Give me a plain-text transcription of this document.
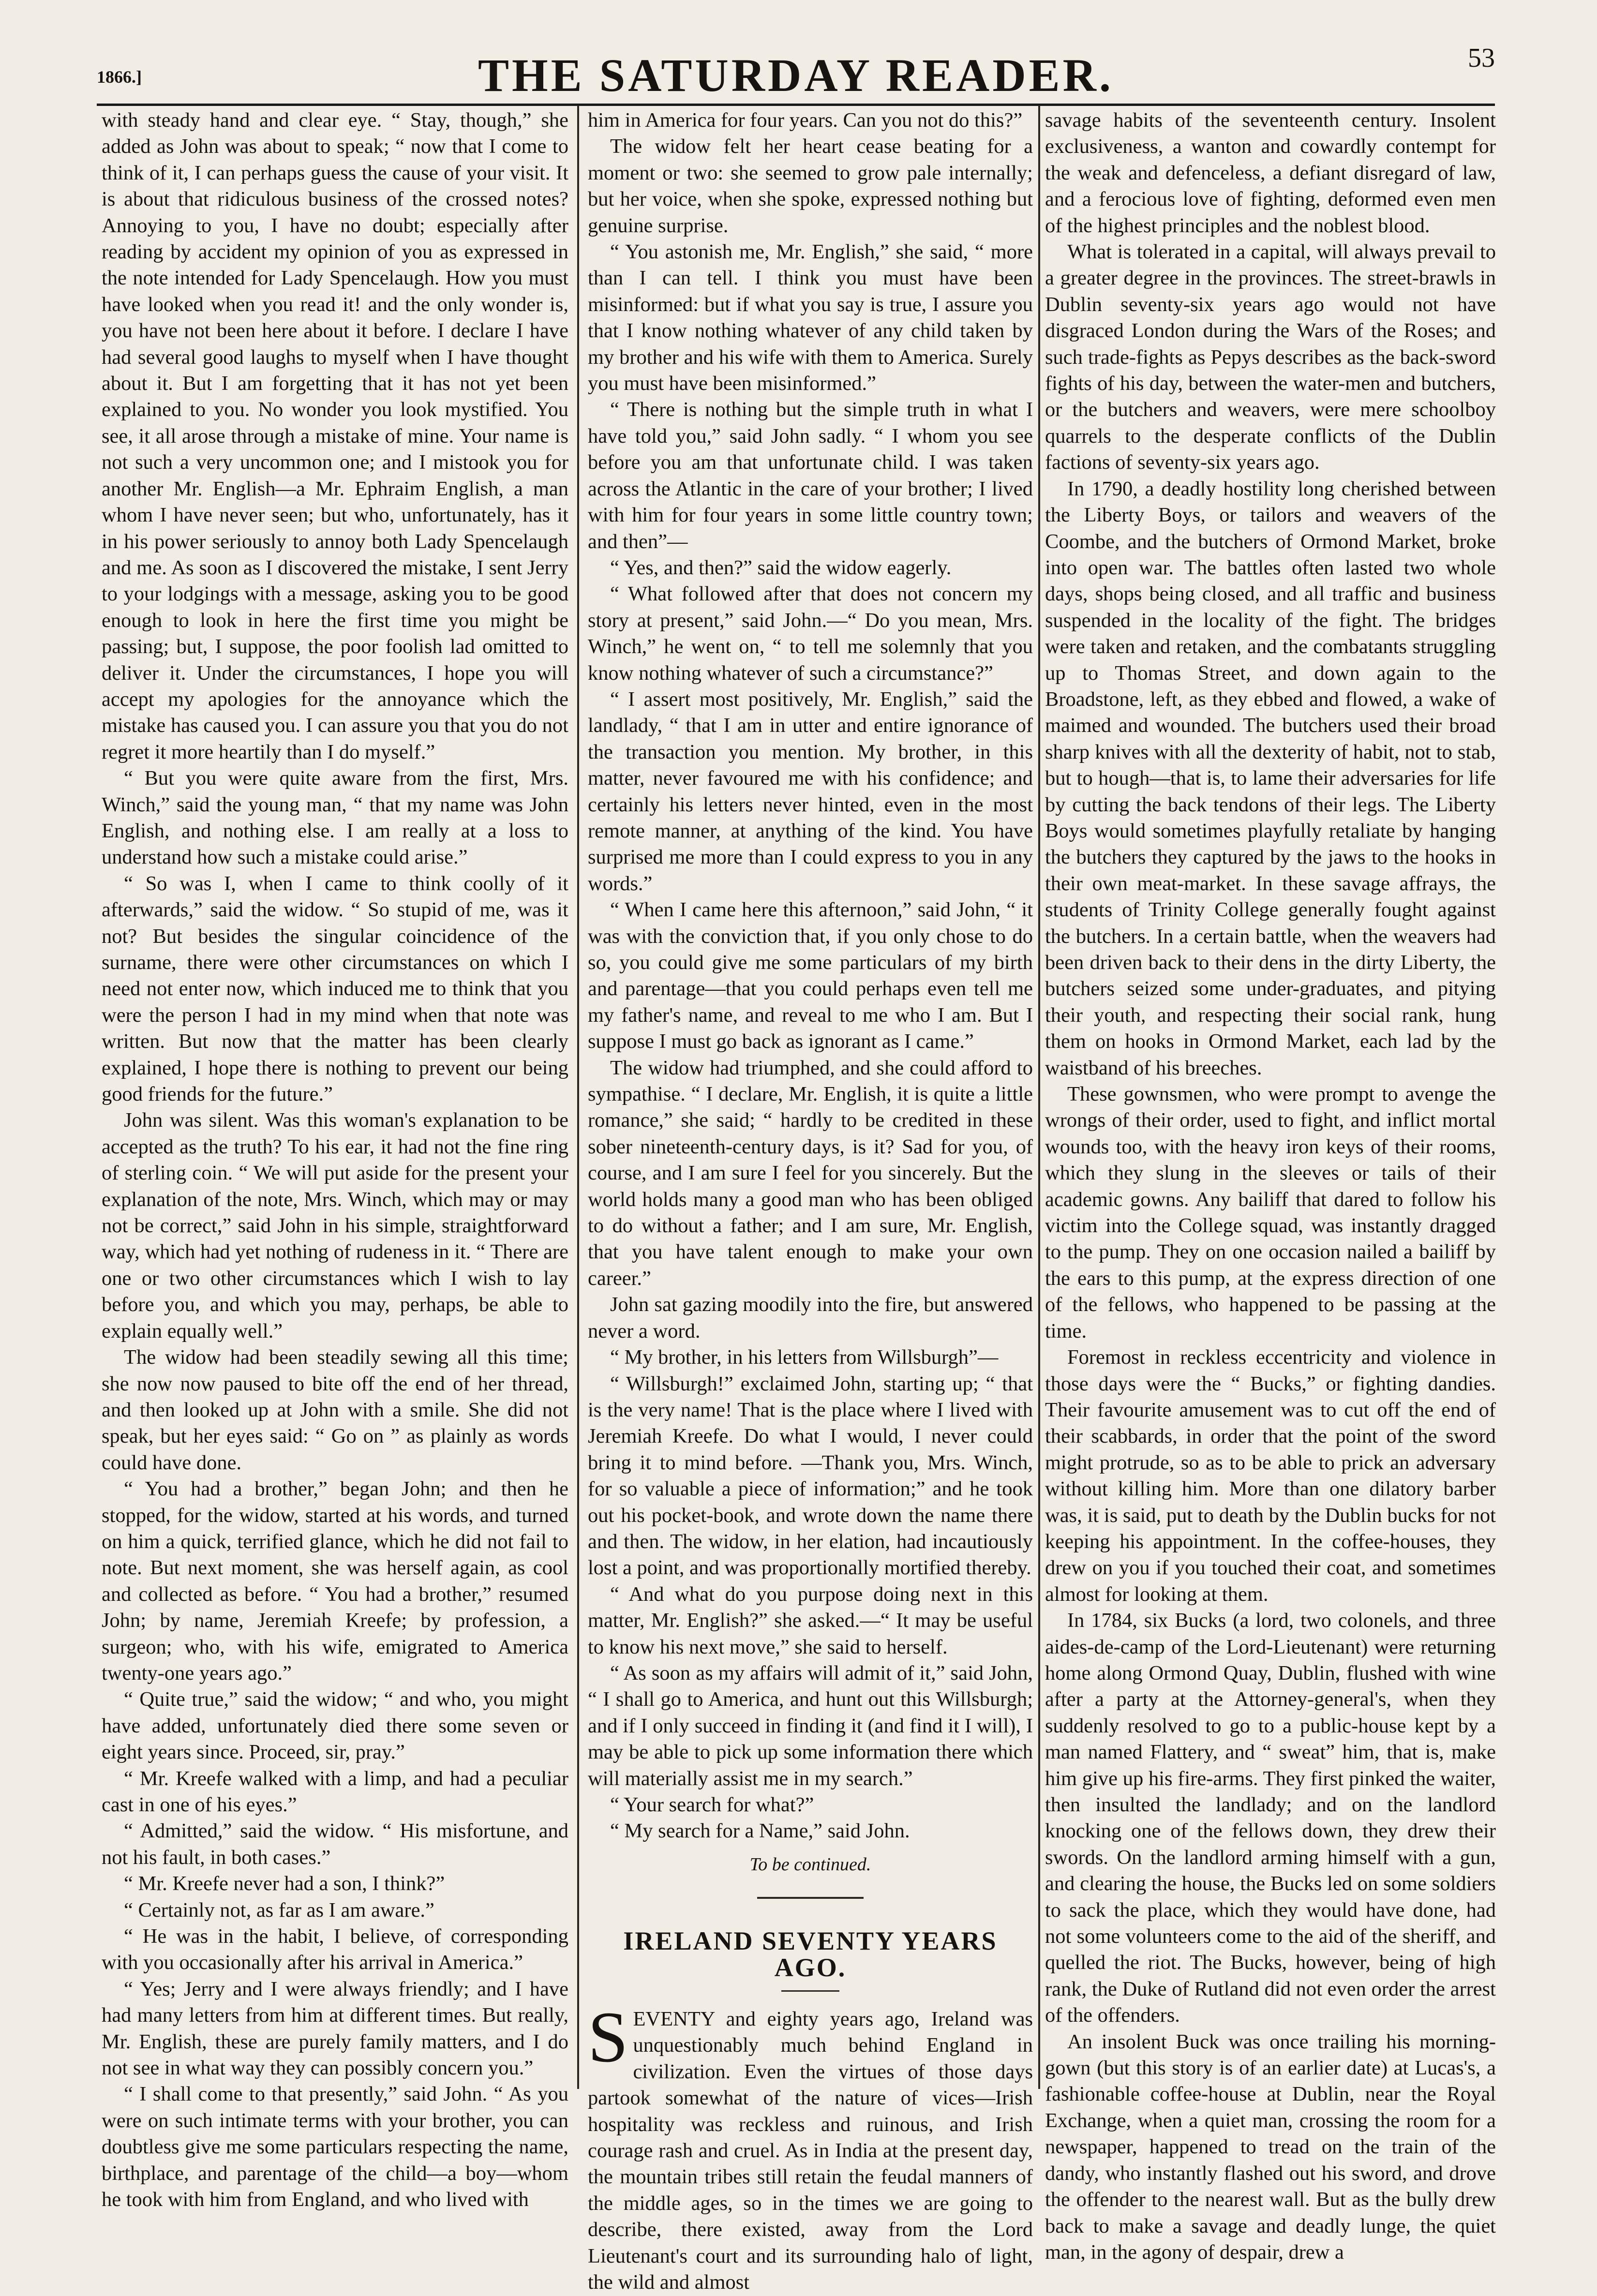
1866.]	THE SATURDAY READER.	53

with steady hand and clear eye. “ Stay, though,” she added as John was about to speak; “ now that I come to think of it, I can perhaps guess the cause of your visit. It is about that ridiculous business of the crossed notes? Annoying to you, I have no doubt; especially after reading by accident my opinion of you as expressed in the note intended for Lady Spencelaugh. How you must have looked when you read it! and the only wonder is, you have not been here about it before. I declare I have had several good laughs to myself when I have thought about it. But I am forgetting that it has not yet been explained to you. No wonder you look mystified. You see, it all arose through a mistake of mine. Your name is not such a very uncommon one; and I mistook you for another Mr. English—a Mr. Ephraim English, a man whom I have never seen; but who, unfortunately, has it in his power seriously to annoy both Lady Spencelaugh and me. As soon as I discovered the mistake, I sent Jerry to your lodgings with a message, asking you to be good enough to look in here the first time you might be passing; but, I suppose, the poor foolish lad omitted to deliver it. Under the circumstances, I hope you will accept my apologies for the annoyance which the mistake has caused you. I can assure you that you do not regret it more heartily than I do myself.”

“ But you were quite aware from the first, Mrs. Winch,” said the young man, “ that my name was John English, and nothing else. I am really at a loss to understand how such a mistake could arise.”

“ So was I, when I came to think coolly of it afterwards,” said the widow. “ So stupid of me, was it not? But besides the singular coincidence of the surname, there were other circumstances on which I need not enter now, which induced me to think that you were the person I had in my mind when that note was written. But now that the matter has been clearly explained, I hope there is nothing to prevent our being good friends for the future.”

John was silent. Was this woman's explanation to be accepted as the truth? To his ear, it had not the fine ring of sterling coin. “ We will put aside for the present your explanation of the note, Mrs. Winch, which may or may not be correct,” said John in his simple, straightforward way, which had yet nothing of rudeness in it. “ There are one or two other circumstances which I wish to lay before you, and which you may, perhaps, be able to explain equally well.”

The widow had been steadily sewing all this time; she now now paused to bite off the end of her thread, and then looked up at John with a smile. She did not speak, but her eyes said: “ Go on ” as plainly as words could have done.

“ You had a brother,” began John; and then he stopped, for the widow, started at his words, and turned on him a quick, terrified glance, which he did not fail to note. But next moment, she was herself again, as cool and collected as before. “ You had a brother,” resumed John; by name, Jeremiah Kreefe; by profession, a surgeon; who, with his wife, emigrated to America twenty-one years ago.”

“ Quite true,” said the widow; “ and who, you might have added, unfortunately died there some seven or eight years since. Proceed, sir, pray.”

“ Mr. Kreefe walked with a limp, and had a peculiar cast in one of his eyes.”

“ Admitted,” said the widow. “ His misfortune, and not his fault, in both cases.”

“ Mr. Kreefe never had a son, I think?”

“ Certainly not, as far as I am aware.”

“ He was in the habit, I believe, of corresponding with you occasionally after his arrival in America.”

“ Yes; Jerry and I were always friendly; and I have had many letters from him at different times. But really, Mr. English, these are purely family matters, and I do not see in what way they can possibly concern you.”

“ I shall come to that presently,” said John. “ As you were on such intimate terms with your brother, you can doubtless give me some particulars respecting the name, birthplace, and parentage of the child—a boy—whom he took with him from England, and who lived with

him in America for four years. Can you not do this?”

The widow felt her heart cease beating for a moment or two: she seemed to grow pale internally; but her voice, when she spoke, expressed nothing but genuine surprise.

“ You astonish me, Mr. English,” she said, “ more than I can tell. I think you must have been misinformed: but if what you say is true, I assure you that I know nothing whatever of any child taken by my brother and his wife with them to America. Surely you must have been misinformed.”

“ There is nothing but the simple truth in what I have told you,” said John sadly. “ I whom you see before you am that unfortunate child. I was taken across the Atlantic in the care of your brother; I lived with him for four years in some little country town; and then”—

“ Yes, and then?” said the widow eagerly.

“ What followed after that does not concern my story at present,” said John.—“ Do you mean, Mrs. Winch,” he went on, “ to tell me solemnly that you know nothing whatever of such a circumstance?”

“ I assert most positively, Mr. English,” said the landlady, “ that I am in utter and entire ignorance of the transaction you mention. My brother, in this matter, never favoured me with his confidence; and certainly his letters never hinted, even in the most remote manner, at anything of the kind. You have surprised me more than I could express to you in any words.”

“ When I came here this afternoon,” said John, “ it was with the conviction that, if you only chose to do so, you could give me some particulars of my birth and parentage—that you could perhaps even tell me my father's name, and reveal to me who I am. But I suppose I must go back as ignorant as I came.”

The widow had triumphed, and she could afford to sympathise. “ I declare, Mr. English, it is quite a little romance,” she said; “ hardly to be credited in these sober nineteenth-century days, is it? Sad for you, of course, and I am sure I feel for you sincerely. But the world holds many a good man who has been obliged to do without a father; and I am sure, Mr. English, that you have talent enough to make your own career.”

John sat gazing moodily into the fire, but answered never a word.

“ My brother, in his letters from Willsburgh”—

“ Willsburgh!” exclaimed John, starting up; “ that is the very name! That is the place where I lived with Jeremiah Kreefe. Do what I would, I never could bring it to mind before. —Thank you, Mrs. Winch, for so valuable a piece of information;” and he took out his pocket-book, and wrote down the name there and then. The widow, in her elation, had incautiously lost a point, and was proportionally mortified thereby.

“ And what do you purpose doing next in this matter, Mr. English?” she asked.—“ It may be useful to know his next move,” she said to herself.

“ As soon as my affairs will admit of it,” said John, “ I shall go to America, and hunt out this Willsburgh; and if I only succeed in finding it (and find it I will), I may be able to pick up some information there which will materially assist me in my search.”

“ Your search for what?”

“ My search for a Name,” said John.

To be continued.
IRELAND SEVENTY YEARS AGO.

SEVENTY and eighty years ago, Ireland was unquestionably much behind England in civilization. Even the virtues of those days partook somewhat of the nature of vices—Irish hospitality was reckless and ruinous, and Irish courage rash and cruel. As in India at the present day, the mountain tribes still retain the feudal manners of the middle ages, so in the times we are going to describe, there existed, away from the Lord Lieutenant's court and its surrounding halo of light, the wild and almost

savage habits of the seventeenth century. Insolent exclusiveness, a wanton and cowardly contempt for the weak and defenceless, a defiant disregard of law, and a ferocious love of fighting, deformed even men of the highest principles and the noblest blood.

What is tolerated in a capital, will always prevail to a greater degree in the provinces. The street-brawls in Dublin seventy-six years ago would not have disgraced London during the Wars of the Roses; and such trade-fights as Pepys describes as the back-sword fights of his day, between the water-men and butchers, or the butchers and weavers, were mere schoolboy quarrels to the desperate conflicts of the Dublin factions of seventy-six years ago.

In 1790, a deadly hostility long cherished between the Liberty Boys, or tailors and weavers of the Coombe, and the butchers of Ormond Market, broke into open war. The battles often lasted two whole days, shops being closed, and all traffic and business suspended in the locality of the fight. The bridges were taken and retaken, and the combatants struggling up to Thomas Street, and down again to the Broadstone, left, as they ebbed and flowed, a wake of maimed and wounded. The butchers used their broad sharp knives with all the dexterity of habit, not to stab, but to hough—that is, to lame their adversaries for life by cutting the back tendons of their legs. The Liberty Boys would sometimes playfully retaliate by hanging the butchers they captured by the jaws to the hooks in their own meat-market. In these savage affrays, the students of Trinity College generally fought against the butchers. In a certain battle, when the weavers had been driven back to their dens in the dirty Liberty, the butchers seized some under-graduates, and pitying their youth, and respecting their social rank, hung them on hooks in Ormond Market, each lad by the waistband of his breeches.

These gownsmen, who were prompt to avenge the wrongs of their order, used to fight, and inflict mortal wounds too, with the heavy iron keys of their rooms, which they slung in the sleeves or tails of their academic gowns. Any bailiff that dared to follow his victim into the College squad, was instantly dragged to the pump. They on one occasion nailed a bailiff by the ears to this pump, at the express direction of one of the fellows, who happened to be passing at the time.

Foremost in reckless eccentricity and violence in those days were the “ Bucks,” or fighting dandies. Their favourite amusement was to cut off the end of their scabbards, in order that the point of the sword might protrude, so as to be able to prick an adversary without killing him. More than one dilatory barber was, it is said, put to death by the Dublin bucks for not keeping his appointment. In the coffee-houses, they drew on you if you touched their coat, and sometimes almost for looking at them.

In 1784, six Bucks (a lord, two colonels, and three aides-de-camp of the Lord-Lieutenant) were returning home along Ormond Quay, Dublin, flushed with wine after a party at the Attorney-general's, when they suddenly resolved to go to a public-house kept by a man named Flattery, and “ sweat” him, that is, make him give up his fire-arms. They first pinked the waiter, then insulted the landlady; and on the landlord knocking one of the fellows down, they drew their swords. On the landlord arming himself with a gun, and clearing the house, the Bucks led on some soldiers to sack the place, which they would have done, had not some volunteers come to the aid of the sheriff, and quelled the riot. The Bucks, however, being of high rank, the Duke of Rutland did not even order the arrest of the offenders.

An insolent Buck was once trailing his morning-gown (but this story is of an earlier date) at Lucas's, a fashionable coffee-house at Dublin, near the Royal Exchange, when a quiet man, crossing the room for a newspaper, happened to tread on the train of the dandy, who instantly flashed out his sword, and drove the offender to the nearest wall. But as the bully drew back to make a savage and deadly lunge, the quiet man, in the agony of despair, drew a
